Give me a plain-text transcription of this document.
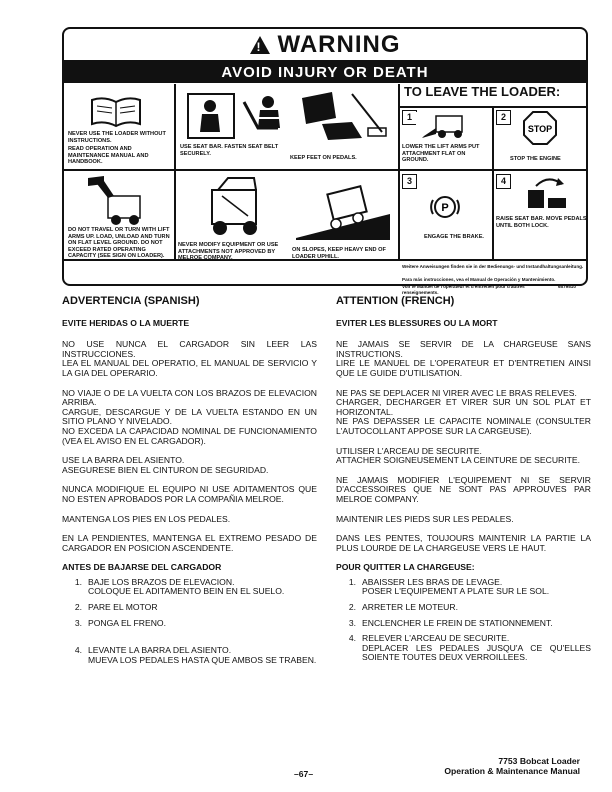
! WARNING
AVOID INJURY OR DEATH
NEVER USE THE LOADER WITHOUT INSTRUCTIONS.
READ OPERATION AND MAINTENANCE MANUAL AND HANDBOOK.
USE SEAT BAR. FASTEN SEAT BELT SECURELY.
KEEP FEET ON PEDALS.
TO LEAVE THE LOADER:
1
LOWER THE LIFT ARMS PUT ATTACHMENT FLAT ON GROUND.
2
STOP
STOP THE ENGINE
3
P
ENGAGE THE BRAKE.
4
RAISE SEAT BAR. MOVE PEDALS UNTIL BOTH LOCK.
DO NOT TRAVEL OR TURN WITH LIFT ARMS UP. LOAD, UNLOAD AND TURN ON FLAT LEVEL GROUND. DO NOT EXCEED RATED OPERATING CAPACITY (SEE SIGN ON LOADER).
NEVER MODIFY EQUIPMENT OR USE ATTACHMENTS NOT APPROVED BY MELROE COMPANY.
ON SLOPES, KEEP HEAVY END OF LOADER UPHILL.
Weitere Anweisungen finden sie in der Bedienungs- und Instandhaltungsanleitung.
Para más instrucciones, vea el Manual de Operación y Mantenimiento.
Voir le Manuel de l'opérateur et d'entretien pour d'autres renseignements.
6579510
ADVERTENCIA (SPANISH)
EVITE HERIDAS O LA MUERTE

NO USE NUNCA EL CARGADOR SIN LEER LAS INSTRUCCIONES.
LEA EL MANUAL DEL OPERATIO, EL MANUAL DE SERVICIO Y LA GIA DEL OPERARIO.

NO VIAJE O DE LA VUELTA CON LOS BRAZOS DE ELEVACION ARRIBA.
CARGUE, DESCARGUE Y DE LA VUELTA ESTANDO EN UN SITIO PLANO Y NIVELADO.
NO EXCEDA LA CAPACIDAD NOMINAL DE FUNCIONAMIENTO (VEA EL AVISO EN EL CARGADOR).

USE LA BARRA DEL ASIENTO.
ASEGURESE BIEN EL CINTURON DE SEGURIDAD.

NUNCA MODIFIQUE EL EQUIPO NI USE ADITAMENTOS QUE NO ESTEN APROBADOS POR LA COMPAÑIA MELROE.

MANTENGA LOS PIES EN LOS PEDALES.

EN LA PENDIENTES, MANTENGA EL EXTREMO PESADO DE CARGADOR EN POSICION ASCENDENTE.

ANTES DE BAJARSE DEL CARGADOR
1. BAJE LOS BRAZOS DE ELEVACION.
COLOQUE EL ADITAMENTO BEIN EN EL SUELO.
2. PARE EL MOTOR
3. PONGA EL FRENO.
4. LEVANTE LA BARRA DEL ASIENTO.
MUEVA LOS PEDALES HASTA QUE AMBOS SE TRABEN.
ATTENTION (FRENCH)
EVITER LES BLESSURES OU LA MORT

NE JAMAIS SE SERVIR DE LA CHARGEUSE SANS INSTRUCTIONS.
LIRE LE MANUEL DE L'OPERATEUR ET D'ENTRETIEN AINSI QUE LE GUIDE D'UTILISATION.

NE PAS SE DEPLACER NI VIRER AVEC LE BRAS RELEVES.
CHARGER, DECHARGER ET VIRER SUR UN SOL PLAT ET HORIZONTAL.
NE PAS DEPASSER LE CAPACITE NOMINALE (CONSULTER L'AUTOCOLLANT APPOSE SUR LA CARGEUSE).

UTILISER L'ARCEAU DE SECURITE.
ATTACHER SOIGNEUSEMENT LA CEINTURE DE SECURITE.

NE JAMAIS MODIFIER L'EQUIPEMENT NI SE SERVIR D'ACCESSOIRES QUE NE SONT PAS APPROUVES PAR MELROE COMPANY.

MAINTENIR LES PIEDS SUR LES PEDALES.

DANS LES PENTES, TOUJOURS MAINTENIR LA PARTIE LA PLUS LOURDE DE LA CHARGEUSE VERS LE HAUT.

POUR QUITTER LA CHARGEUSE:
1. ABAISSER LES BRAS DE LEVAGE.
POSER L'EQUIPEMENT A PLATE SUR LE SOL.
2. ARRETER LE MOTEUR.
3. ENCLENCHER LE FREIN DE STATIONNEMENT.
4. RELEVER L'ARCEAU DE SECURITE.
DEPLACER LES PEDALES JUSQU'A CE QU'ELLES SOIENTE TOUTES DEUX VERROILLEES.
–67–
7753 Bobcat Loader
Operation & Maintenance Manual
